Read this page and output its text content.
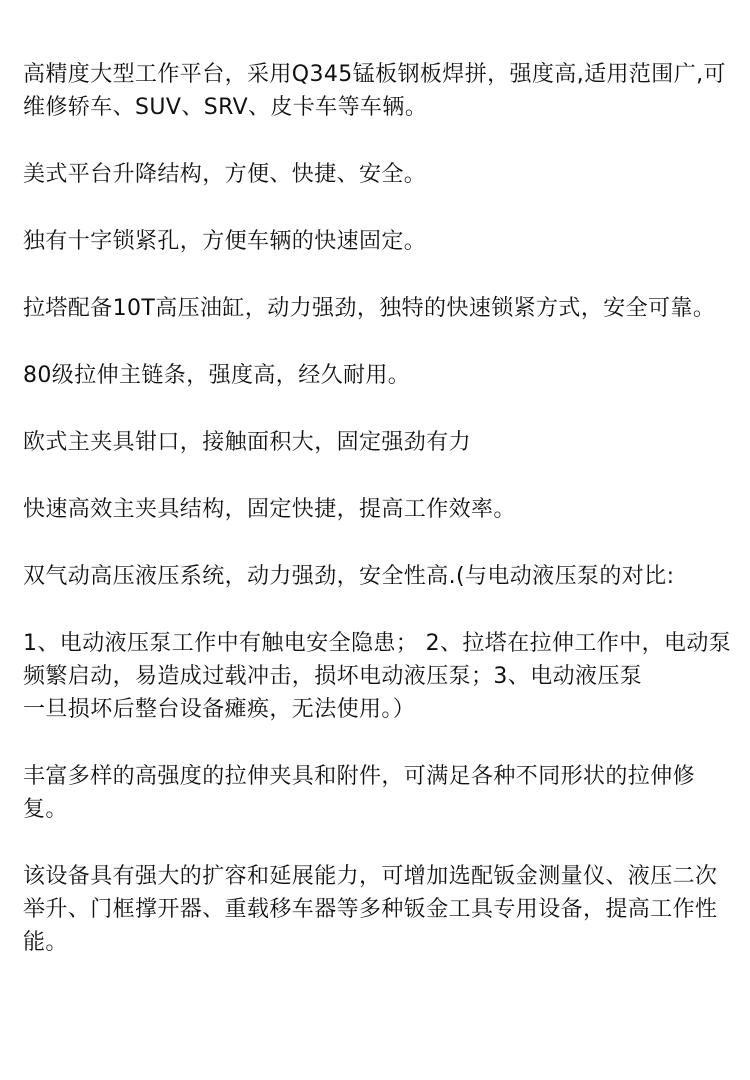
高精度大型工作平台，采用Q345锰板钢板焊拼，强度高,适用范围广,可维修轿车、SUV、SRV、皮卡车等车辆。

美式平台升降结构，方便、快捷、安全。

独有十字锁紧孔，方便车辆的快速固定。

拉塔配备10T高压油缸，动力强劲，独特的快速锁紧方式，安全可靠。

80级拉伸主链条，强度高，经久耐用。

欧式主夹具钳口，接触面积大，固定强劲有力

快速高效主夹具结构，固定快捷，提高工作效率。

双气动高压液压系统，动力强劲，安全性高.(与电动液压泵的对比:

1、电动液压泵工作中有触电安全隐患； 2、拉塔在拉伸工作中，电动泵频繁启动，易造成过载冲击，损坏电动液压泵；3、电动液压泵
一旦损坏后整台设备瘫痪，无法使用。）

丰富多样的高强度的拉伸夹具和附件，可满足各种不同形状的拉伸修复。

该设备具有强大的扩容和延展能力，可增加选配钣金测量仪、液压二次举升、门框撑开器、重载移车器等多种钣金工具专用设备，提高工作性能。
